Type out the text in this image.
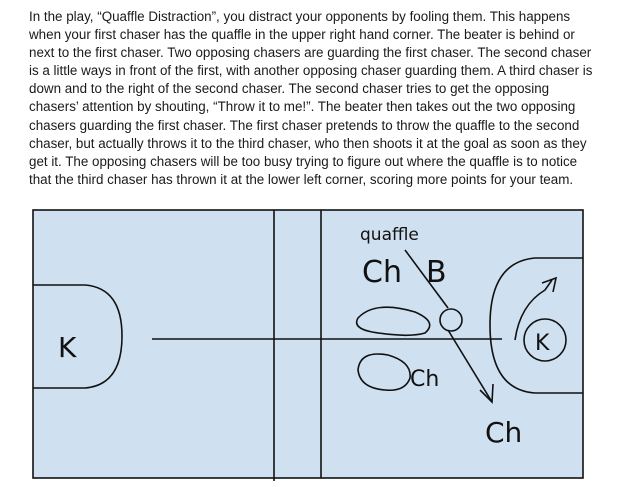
In the play, “Quaffle Distraction”, you distract your opponents by fooling them. This happens when your first chaser has the quaffle in the upper right hand corner. The beater is behind or next to the first chaser. Two opposing chasers are guarding the first chaser. The second chaser is a little ways in front of the first, with another opposing chaser guarding them. A third chaser is down and to the right of the second chaser. The second chaser tries to get the opposing chasers’ attention by shouting, “Throw it to me!”. The beater then takes out the two opposing chasers guarding the first chaser. The first chaser pretends to throw the quaffle to the second chaser, but actually throws it to the third chaser, who then shoots it at the goal as soon as they get it. The opposing chasers will be too busy trying to figure out where the quaffle is to notice that the third chaser has thrown it at the lower left corner, scoring more points for your team.

K
quaffle
Ch B
Ch
K
Ch
